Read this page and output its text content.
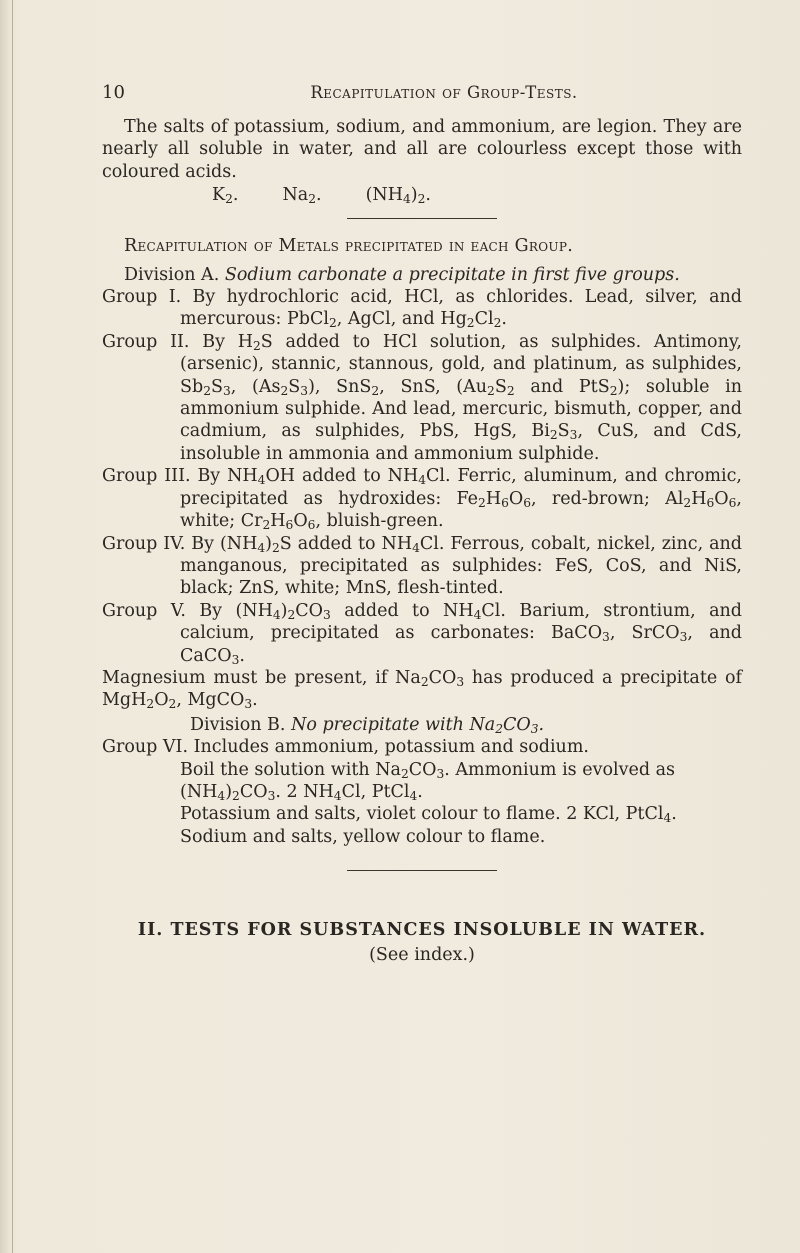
10	Recapitulation of Group-Tests.

The salts of potassium, sodium, and ammonium, are legion. They are nearly all soluble in water, and all are colourless except those with coloured acids.

$K_2$.	$Na_2$.	$(NH_4)_2$.
Recapitulation of Metals precipitated in each Group.
Division A. Sodium carbonate a precipitate in first five groups.
Group I. By hydrochloric acid, HCl, as chlorides. Lead, silver, and mercurous: PbCl$_2$, AgCl, and $Hg_2Cl_2$.
Group II. By $H_2S$ added to HCl solution, as sulphides. Antimony, (arsenic), stannic, stannous, gold, and platinum, as sulphides, $Sb_2S_3$, $(As_2S_3)$, SnS$_2$, SnS, ($Au_2S_2$ and PtS$_2$); soluble in ammonium sulphide. And lead, mercuric, bismuth, copper, and cadmium, as sulphides, PbS, HgS, $Bi_2S_3$, CuS, and CdS, insoluble in ammonia and ammonium sulphide.
Group III. By $NH_4OH$ added to $NH_4Cl$. Ferric, aluminum, and chromic, precipitated as hydroxides: $Fe_2H_6O_6$, red-brown; $Al_2H_6O_6$, white; $Cr_2H_6O_6$, bluish-green.
Group IV. By $(NH_4)_2S$ added to $NH_4Cl$. Ferrous, cobalt, nickel, zinc, and manganous, precipitated as sulphides: FeS, CoS, and NiS, black; ZnS, white; MnS, flesh-tinted.
Group V. By $(NH_4)_2CO_3$ added to $NH_4Cl$. Barium, strontium, and calcium, precipitated as carbonates: BaCO$_3$, SrCO$_3$, and CaCO$_3$.

Magnesium must be present, if $Na_2CO_3$ has produced a precipitate of $MgH_2O_2$, MgCO$_3$.

Division B. No precipitate with $Na_2CO_3$.
Group VI. Includes ammonium, potassium and sodium.
Boil the solution with $Na_2CO_3$. Ammonium is evolved as $(NH_4)_2CO_3$. 2 $NH_4Cl$, PtCl$_4$.
Potassium and salts, violet colour to flame. 2 KCl, PtCl$_4$.
Sodium and salts, yellow colour to flame.
II. TESTS FOR SUBSTANCES INSOLUBLE IN WATER.
(See index.)
